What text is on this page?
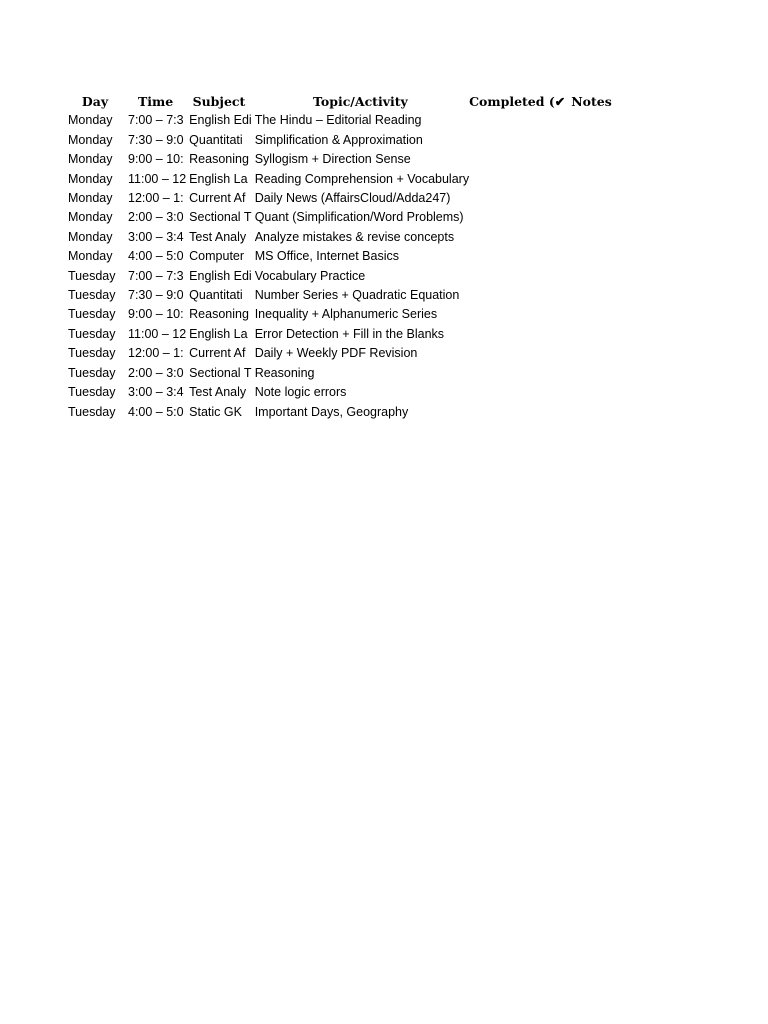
Day	Time	Subject	Topic/Activity	Completed (✔	Notes
Monday	7:00 – 7:3	English Edi	The Hindu – Editorial Reading		
Monday	7:30 – 9:0	Quantitati	Simplification & Approximation		
Monday	9:00 – 10:	Reasoning	Syllogism + Direction Sense		
Monday	11:00 – 12	English La	Reading Comprehension + Vocabulary		
Monday	12:00 – 1:	Current Af	Daily News (AffairsCloud/Adda247)		
Monday	2:00 – 3:0	Sectional T	Quant (Simplification/Word Problems)		
Monday	3:00 – 3:4	Test Analy	Analyze mistakes & revise concepts		
Monday	4:00 – 5:0	Computer	MS Office, Internet Basics		
Tuesday	7:00 – 7:3	English Edi	Vocabulary Practice		
Tuesday	7:30 – 9:0	Quantitati	Number Series + Quadratic Equation		
Tuesday	9:00 – 10:	Reasoning	Inequality + Alphanumeric Series		
Tuesday	11:00 – 12	English La	Error Detection + Fill in the Blanks		
Tuesday	12:00 – 1:	Current Af	Daily + Weekly PDF Revision		
Tuesday	2:00 – 3:0	Sectional T	Reasoning		
Tuesday	3:00 – 3:4	Test Analy	Note logic errors		
Tuesday	4:00 – 5:0	Static GK	Important Days, Geography		
